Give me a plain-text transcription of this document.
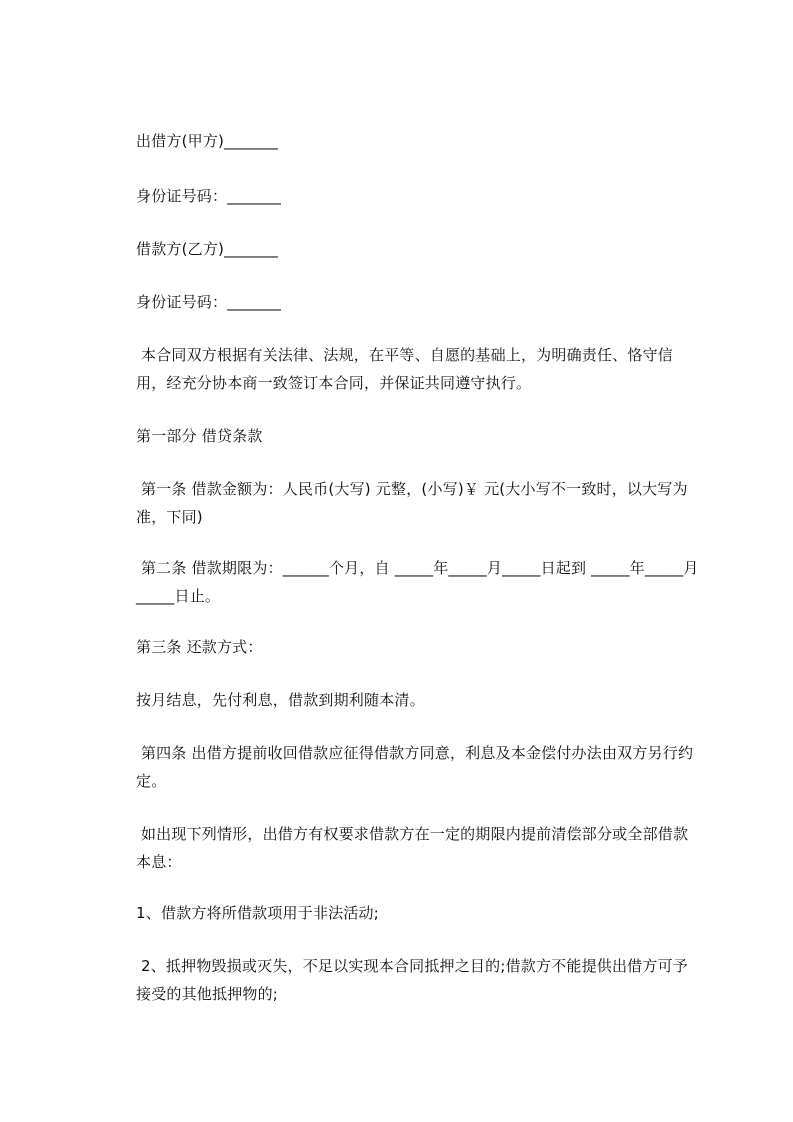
出借方(甲方)_______

身份证号码：_______

借款方(乙方)_______

身份证号码：_______

本合同双方根据有关法律、法规，在平等、自愿的基础上，为明确责任、恪守信用，经充分协本商一致签订本合同，并保证共同遵守执行。

第一部分 借贷条款

第一条 借款金额为：人民币(大写) 元整，(小写)￥ 元(大小写不一致时，以大写为准，下同)

第二条 借款期限为：______个月，自 _____年_____月_____日起到 _____年_____月_____日止。

第三条 还款方式：

按月结息，先付利息，借款到期利随本清。

第四条 出借方提前收回借款应征得借款方同意，利息及本金偿付办法由双方另行约定。

如出现下列情形，出借方有权要求借款方在一定的期限内提前清偿部分或全部借款本息：

1、借款方将所借款项用于非法活动;

2、抵押物毁损或灭失，不足以实现本合同抵押之目的;借款方不能提供出借方可予接受的其他抵押物的;
